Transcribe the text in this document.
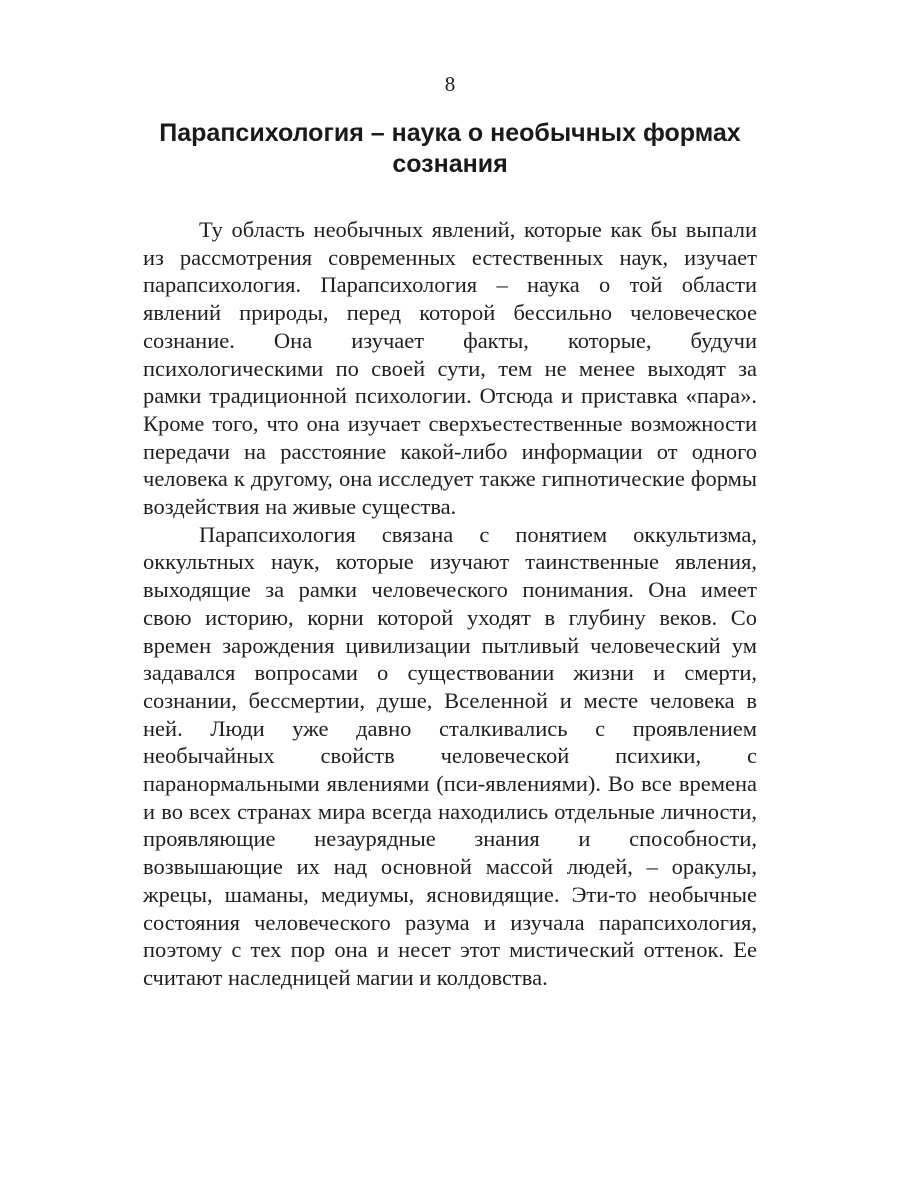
8
Парапсихология – наука о необычных формах сознания

Ту область необычных явлений, которые как бы выпали из рассмотрения современных естественных наук, изучает парапсихология. Парапсихология – наука о той области явлений природы, перед которой бессильно человеческое сознание. Она изучает факты, которые, будучи психологическими по своей сути, тем не менее выходят за рамки традиционной психологии. Отсюда и приставка «пара». Кроме того, что она изучает сверхъестественные возможности передачи на расстояние какой-либо информации от одного человека к другому, она исследует также гипнотические формы воздействия на живые существа.

Парапсихология связана с понятием оккультизма, оккультных наук, которые изучают таинственные явления, выходящие за рамки человеческого понимания. Она имеет свою историю, корни которой уходят в глубину веков. Со времен зарождения цивилизации пытливый человеческий ум задавался вопросами о существовании жизни и смерти, сознании, бессмертии, душе, Вселенной и месте человека в ней. Люди уже давно сталкивались с проявлением необычайных свойств человеческой психики, с паранормальными явлениями (пси-явлениями). Во все времена и во всех странах мира всегда находились отдельные личности, проявляющие незаурядные знания и способности, возвышающие их над основной массой людей, – оракулы, жрецы, шаманы, медиумы, ясновидящие. Эти-то необычные состояния человеческого разума и изучала парапсихология, поэтому с тех пор она и несет этот мистический оттенок. Ее считают наследницей магии и колдовства.
